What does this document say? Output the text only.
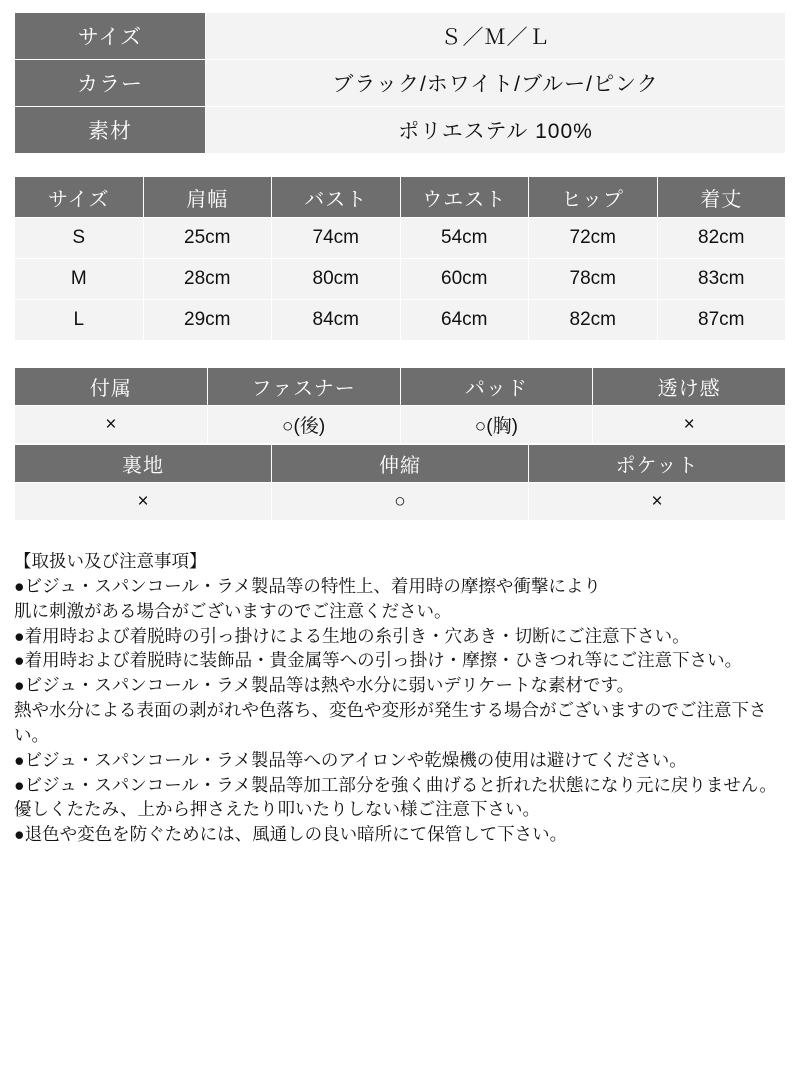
サイズ	Ｓ／Ｍ／Ｌ
カラー	ブラック/ホワイト/ブルー/ピンク
素材	ポリエステル 100%
サイズ	肩幅	バスト	ウエスト	ヒップ	着丈
S	25cm	74cm	54cm	72cm	82cm
M	28cm	80cm	60cm	78cm	83cm
L	29cm	84cm	64cm	82cm	87cm
付属	ファスナー	パッド	透け感
×	○(後)	○(胸)	×
裏地	伸縮	ポケット
×	○	×
【取扱い及び注意事項】
●ビジュ・スパンコール・ラメ製品等の特性上、着用時の摩擦や衝撃により
肌に刺激がある場合がございますのでご注意ください。
●着用時および着脱時の引っ掛けによる生地の糸引き・穴あき・切断にご注意下さい。
●着用時および着脱時に装飾品・貴金属等への引っ掛け・摩擦・ひきつれ等にご注意下さい。
●ビジュ・スパンコール・ラメ製品等は熱や水分に弱いデリケートな素材です。
熱や水分による表面の剥がれや色落ち、変色や変形が発生する場合がございますのでご注意下さい。
●ビジュ・スパンコール・ラメ製品等へのアイロンや乾燥機の使用は避けてください。
●ビジュ・スパンコール・ラメ製品等加工部分を強く曲げると折れた状態になり元に戻りません。
優しくたたみ、上から押さえたり叩いたりしない様ご注意下さい。
●退色や変色を防ぐためには、風通しの良い暗所にて保管して下さい。
